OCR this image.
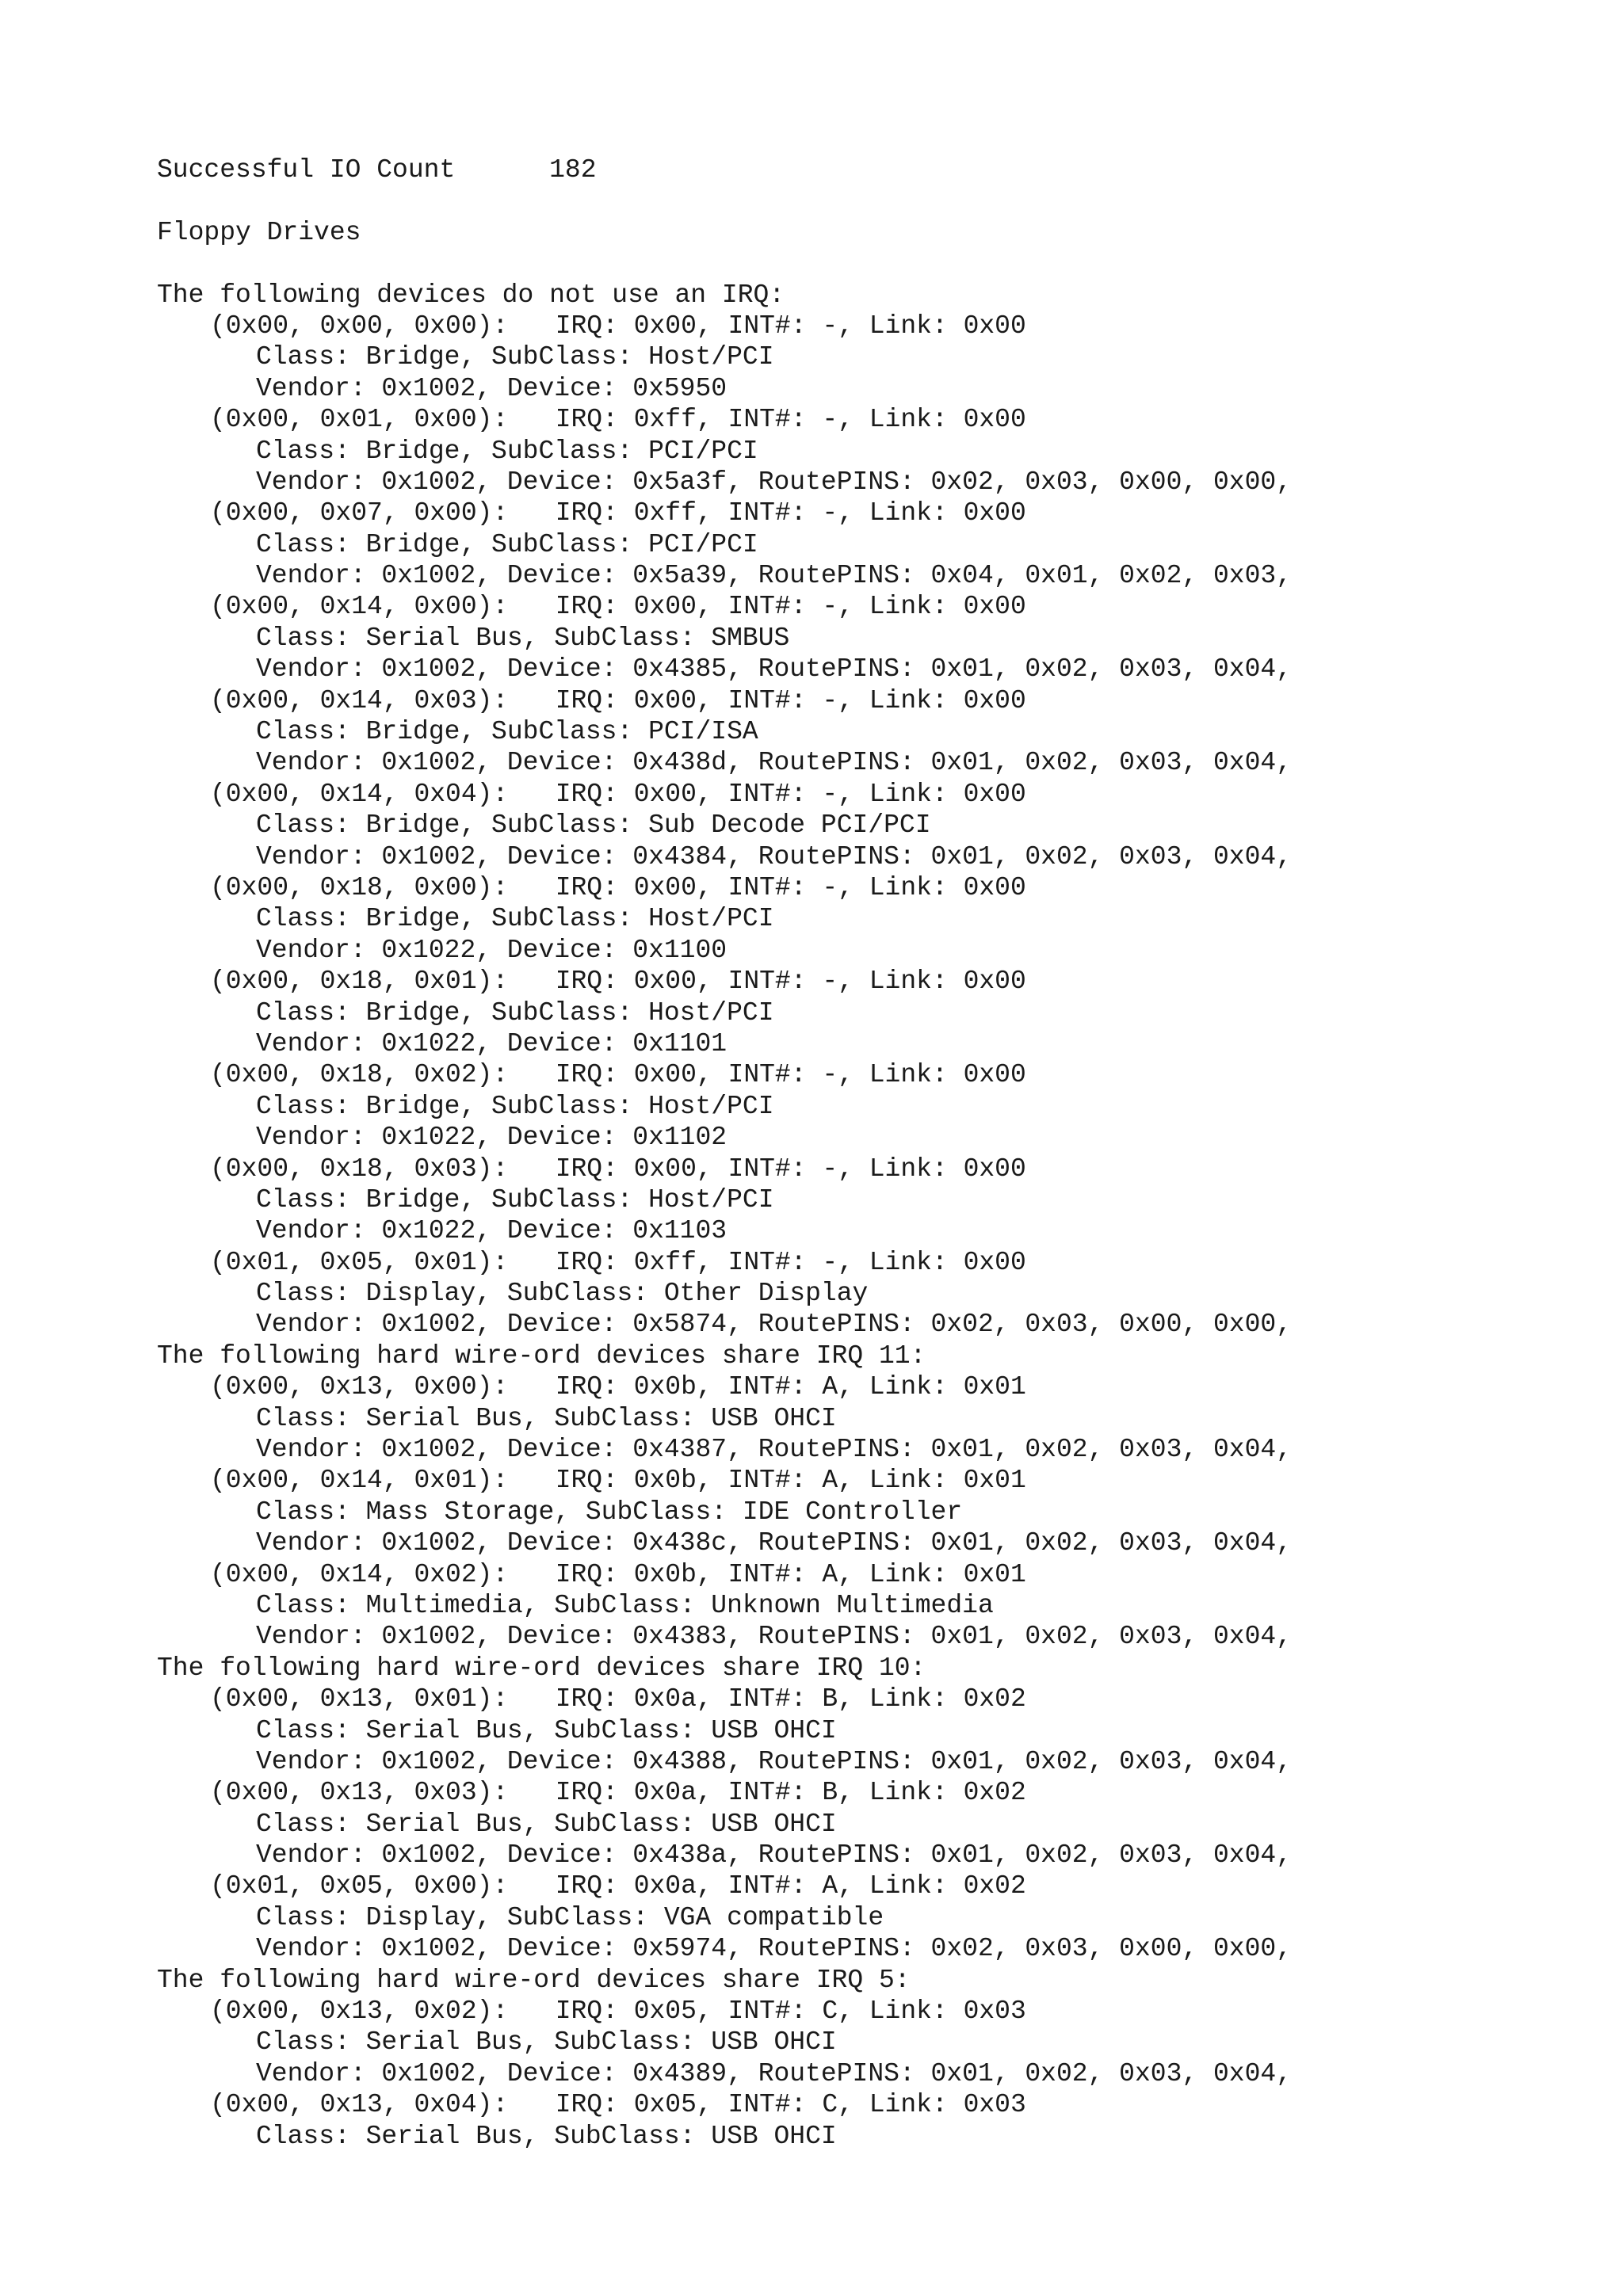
Successful IO Count	182
Floppy Drives
The following devices do not use an IRQ:
(0x00, 0x00, 0x00): IRQ: 0x00, INT#: -, Link: 0x00
Class: Bridge, SubClass: Host/PCI
Vendor: 0x1002, Device: 0x5950
(0x00, 0x01, 0x00): IRQ: 0xff, INT#: -, Link: 0x00
Class: Bridge, SubClass: PCI/PCI
Vendor: 0x1002, Device: 0x5a3f, RoutePINS: 0x02, 0x03, 0x00, 0x00,
(0x00, 0x07, 0x00): IRQ: 0xff, INT#: -, Link: 0x00
Class: Bridge, SubClass: PCI/PCI
Vendor: 0x1002, Device: 0x5a39, RoutePINS: 0x04, 0x01, 0x02, 0x03,
(0x00, 0x14, 0x00): IRQ: 0x00, INT#: -, Link: 0x00
Class: Serial Bus, SubClass: SMBUS
Vendor: 0x1002, Device: 0x4385, RoutePINS: 0x01, 0x02, 0x03, 0x04,
(0x00, 0x14, 0x03): IRQ: 0x00, INT#: -, Link: 0x00
Class: Bridge, SubClass: PCI/ISA
Vendor: 0x1002, Device: 0x438d, RoutePINS: 0x01, 0x02, 0x03, 0x04,
(0x00, 0x14, 0x04): IRQ: 0x00, INT#: -, Link: 0x00
Class: Bridge, SubClass: Sub Decode PCI/PCI
Vendor: 0x1002, Device: 0x4384, RoutePINS: 0x01, 0x02, 0x03, 0x04,
(0x00, 0x18, 0x00): IRQ: 0x00, INT#: -, Link: 0x00
Class: Bridge, SubClass: Host/PCI
Vendor: 0x1022, Device: 0x1100
(0x00, 0x18, 0x01): IRQ: 0x00, INT#: -, Link: 0x00
Class: Bridge, SubClass: Host/PCI
Vendor: 0x1022, Device: 0x1101
(0x00, 0x18, 0x02): IRQ: 0x00, INT#: -, Link: 0x00
Class: Bridge, SubClass: Host/PCI
Vendor: 0x1022, Device: 0x1102
(0x00, 0x18, 0x03): IRQ: 0x00, INT#: -, Link: 0x00
Class: Bridge, SubClass: Host/PCI
Vendor: 0x1022, Device: 0x1103
(0x01, 0x05, 0x01): IRQ: 0xff, INT#: -, Link: 0x00
Class: Display, SubClass: Other Display
Vendor: 0x1002, Device: 0x5874, RoutePINS: 0x02, 0x03, 0x00, 0x00,
The following hard wire-ord devices share IRQ 11:
(0x00, 0x13, 0x00): IRQ: 0x0b, INT#: A, Link: 0x01
Class: Serial Bus, SubClass: USB OHCI
Vendor: 0x1002, Device: 0x4387, RoutePINS: 0x01, 0x02, 0x03, 0x04,
(0x00, 0x14, 0x01): IRQ: 0x0b, INT#: A, Link: 0x01
Class: Mass Storage, SubClass: IDE Controller
Vendor: 0x1002, Device: 0x438c, RoutePINS: 0x01, 0x02, 0x03, 0x04,
(0x00, 0x14, 0x02): IRQ: 0x0b, INT#: A, Link: 0x01
Class: Multimedia, SubClass: Unknown Multimedia
Vendor: 0x1002, Device: 0x4383, RoutePINS: 0x01, 0x02, 0x03, 0x04,
The following hard wire-ord devices share IRQ 10:
(0x00, 0x13, 0x01): IRQ: 0x0a, INT#: B, Link: 0x02
Class: Serial Bus, SubClass: USB OHCI
Vendor: 0x1002, Device: 0x4388, RoutePINS: 0x01, 0x02, 0x03, 0x04,
(0x00, 0x13, 0x03): IRQ: 0x0a, INT#: B, Link: 0x02
Class: Serial Bus, SubClass: USB OHCI
Vendor: 0x1002, Device: 0x438a, RoutePINS: 0x01, 0x02, 0x03, 0x04,
(0x01, 0x05, 0x00): IRQ: 0x0a, INT#: A, Link: 0x02
Class: Display, SubClass: VGA compatible
Vendor: 0x1002, Device: 0x5974, RoutePINS: 0x02, 0x03, 0x00, 0x00,
The following hard wire-ord devices share IRQ 5:
(0x00, 0x13, 0x02): IRQ: 0x05, INT#: C, Link: 0x03
Class: Serial Bus, SubClass: USB OHCI
Vendor: 0x1002, Device: 0x4389, RoutePINS: 0x01, 0x02, 0x03, 0x04,
(0x00, 0x13, 0x04): IRQ: 0x05, INT#: C, Link: 0x03
Class: Serial Bus, SubClass: USB OHCI
